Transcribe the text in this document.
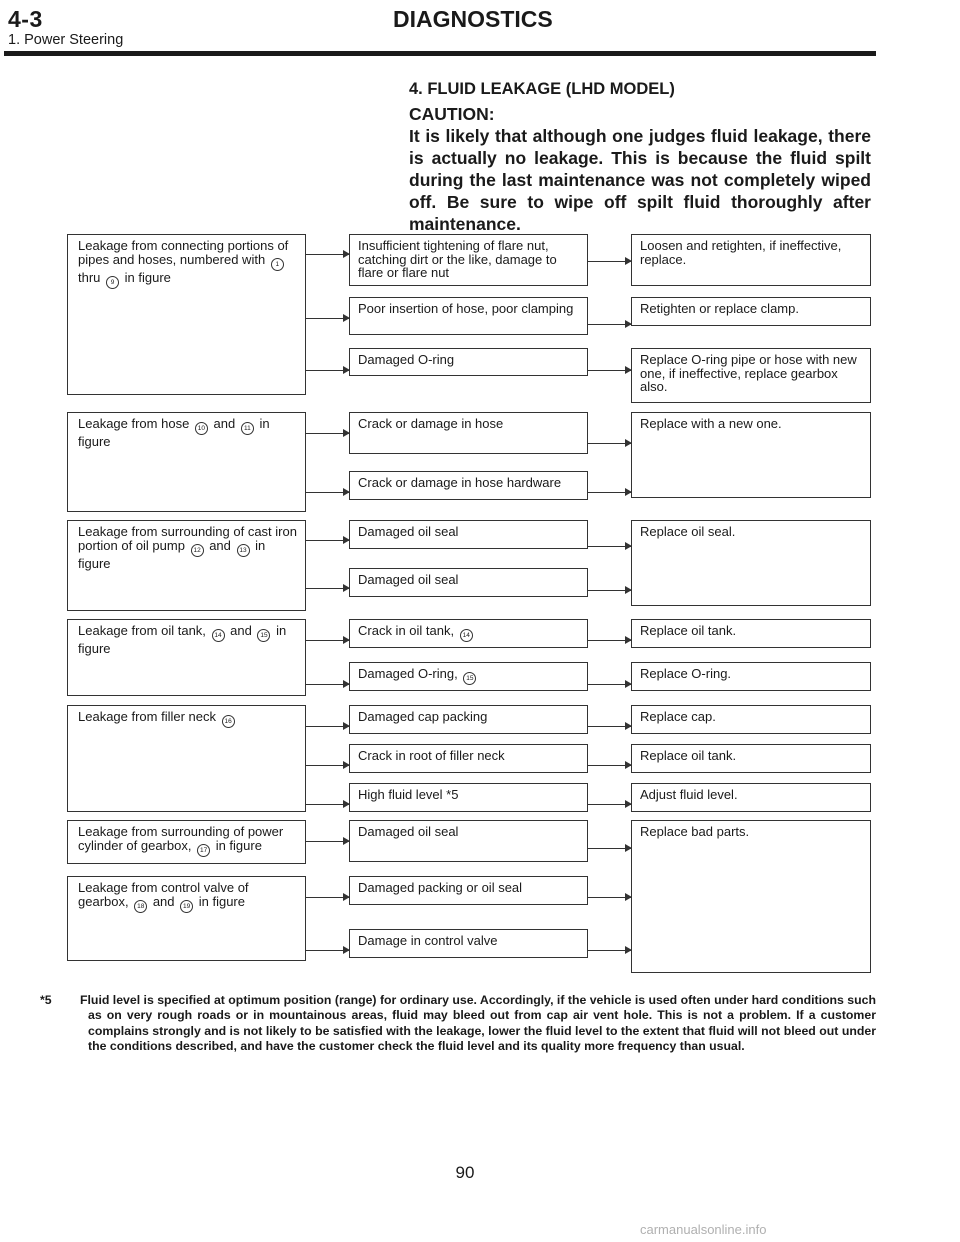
4-3	DIAGNOSTICS
1. Power Steering
4. FLUID LEAKAGE (LHD MODEL)
CAUTION:
It is likely that although one judges fluid leakage, there is actually no leakage. This is because the fluid spilt during the last maintenance was not completely wiped off. Be sure to wipe off spilt fluid thoroughly after maintenance.
Leakage from connecting portions of pipes and hoses, numbered with 1 thru 9 in figure
Leakage from hose 10 and 11 in figure
Leakage from surrounding of cast iron portion of oil pump 12 and 13 in figure
Leakage from oil tank, 14 and 15 in figure
Leakage from filler neck 16
Leakage from surrounding of power cylinder of gearbox, 17 in figure
Leakage from control valve of gearbox, 18 and 19 in figure
Insufficient tightening of flare nut, catching dirt or the like, damage to flare or flare nut
Poor insertion of hose, poor clamping
Damaged O-ring
Crack or damage in hose
Crack or damage in hose hardware
Damaged oil seal
Damaged oil seal
Crack in oil tank, 14
Damaged O-ring, 15
Damaged cap packing
Crack in root of filler neck
High fluid level *5
Damaged oil seal
Damaged packing or oil seal
Damage in control valve
Loosen and retighten, if ineffective, replace.
Retighten or replace clamp.
Replace O-ring pipe or hose with new one, if ineffective, replace gearbox also.
Replace with a new one.
Replace oil seal.
Replace oil tank.
Replace O-ring.
Replace cap.
Replace oil tank.
Adjust fluid level.
Replace bad parts.
*5 Fluid level is specified at optimum position (range) for ordinary use. Accordingly, if the vehicle is used often under hard conditions such as on very rough roads or in mountainous areas, fluid may bleed out from cap air vent hole. This is not a problem. If a customer complains strongly and is not likely to be satisfied with the leakage, lower the fluid level to the extent that fluid will not bleed out under the conditions described, and have the customer check the fluid level and its quality more frequency than usual.
90
carmanualsonline.info
